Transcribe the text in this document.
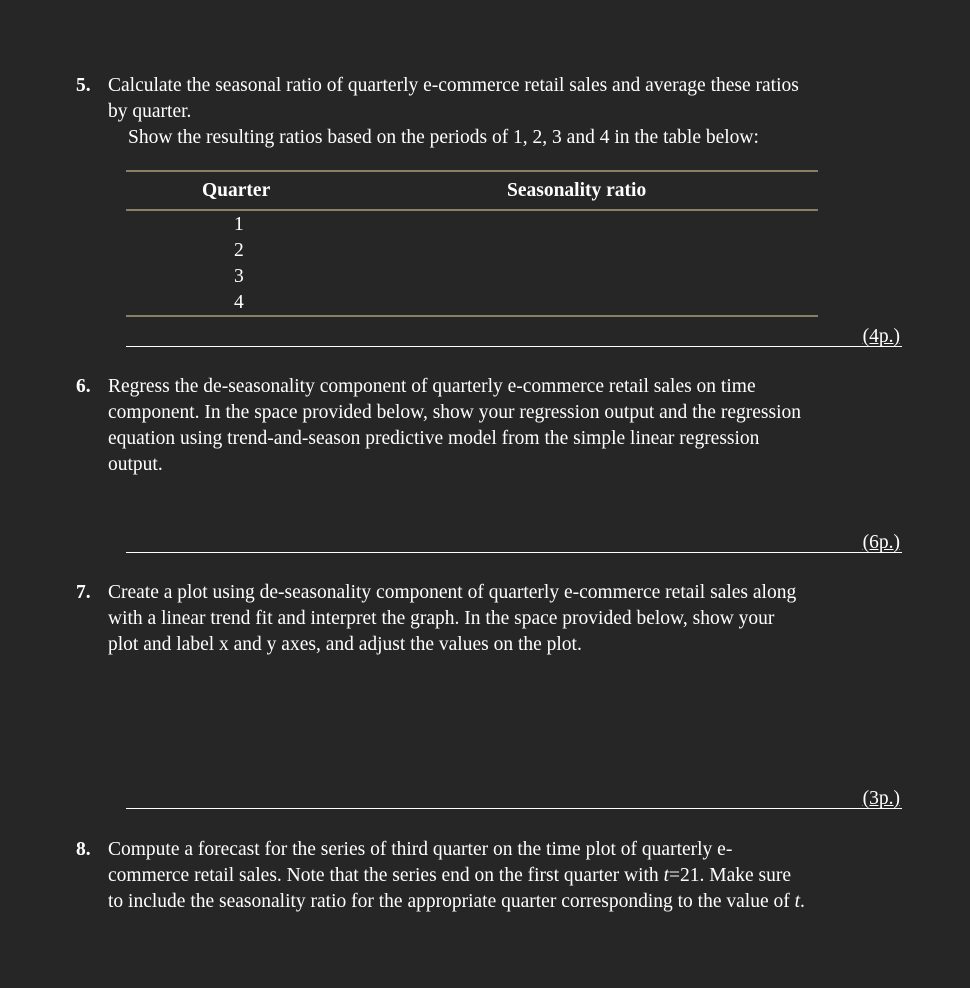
5. Calculate the seasonal ratio of quarterly e-commerce retail sales and average these ratios
by quarter.
Show the resulting ratios based on the periods of 1, 2, 3 and 4 in the table below:
Quarter	Seasonality ratio
1
2
3
4
(4p.)
6. Regress the de-seasonality component of quarterly e-commerce retail sales on time
component. In the space provided below, show your regression output and the regression
equation using trend-and-season predictive model from the simple linear regression
output.
(6p.)
7. Create a plot using de-seasonality component of quarterly e-commerce retail sales along
with a linear trend fit and interpret the graph. In the space provided below, show your
plot and label x and y axes, and adjust the values on the plot.
(3p.)
8. Compute a forecast for the series of third quarter on the time plot of quarterly e-
commerce retail sales. Note that the series end on the first quarter with t=21. Make sure
to include the seasonality ratio for the appropriate quarter corresponding to the value of t.
